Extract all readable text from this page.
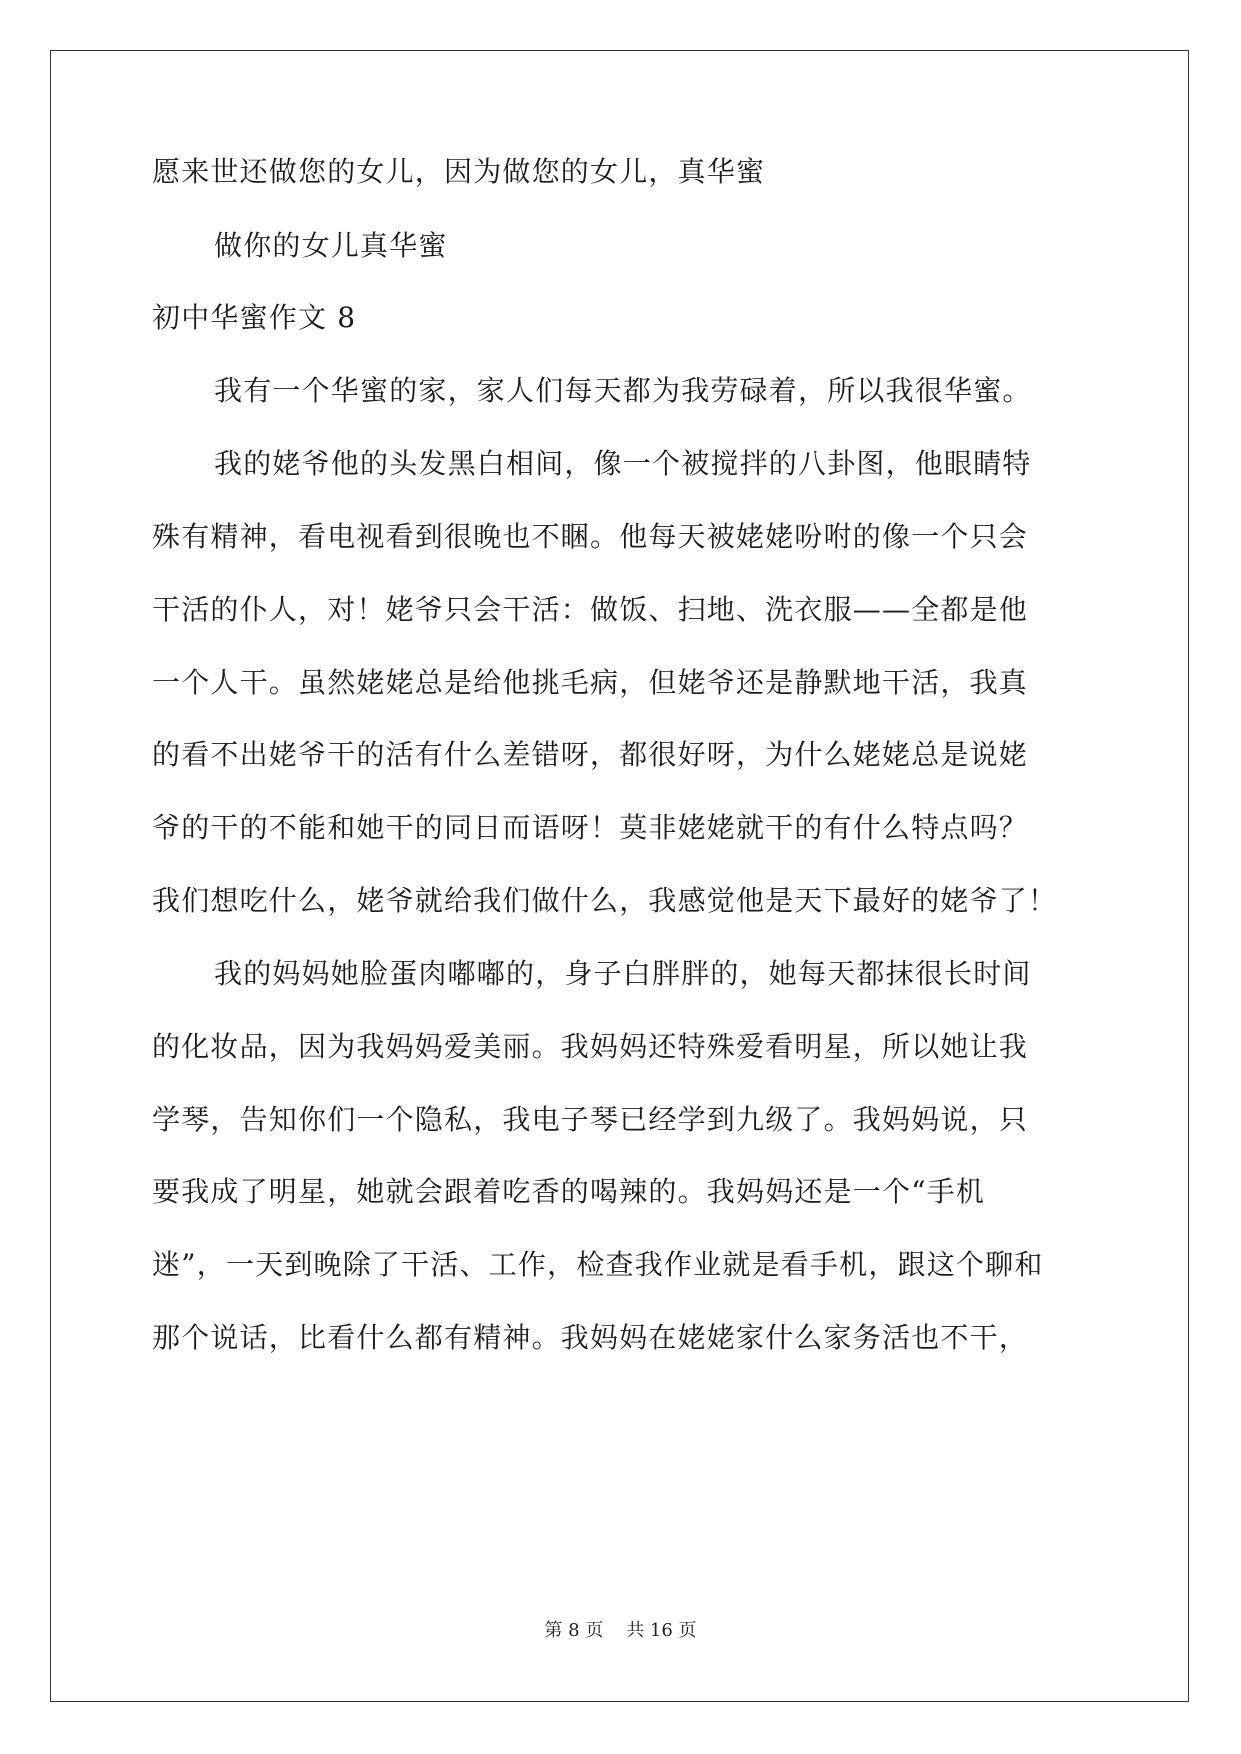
愿来世还做您的女儿，因为做您的女儿，真华蜜
做你的女儿真华蜜
初中华蜜作文 8
我有一个华蜜的家，家人们每天都为我劳碌着，所以我很华蜜。
我的姥爷他的头发黑白相间，像一个被搅拌的八卦图，他眼睛特
殊有精神，看电视看到很晚也不睏。他每天被姥姥吩咐的像一个只会
干活的仆人，对！姥爷只会干活：做饭、扫地、洗衣服——全都是他
一个人干。虽然姥姥总是给他挑毛病，但姥爷还是静默地干活，我真
的看不出姥爷干的活有什么差错呀，都很好呀，为什么姥姥总是说姥
爷的干的不能和她干的同日而语呀！莫非姥姥就干的有什么特点吗？
我们想吃什么，姥爷就给我们做什么，我感觉他是天下最好的姥爷了！
我的妈妈她脸蛋肉嘟嘟的，身子白胖胖的，她每天都抹很长时间
的化妆品，因为我妈妈爱美丽。我妈妈还特殊爱看明星，所以她让我
学琴，告知你们一个隐私，我电子琴已经学到九级了。我妈妈说，只
要我成了明星，她就会跟着吃香的喝辣的。我妈妈还是一个“手机
迷”，一天到晚除了干活、工作，检查我作业就是看手机，跟这个聊和
那个说话，比看什么都有精神。我妈妈在姥姥家什么家务活也不干，
第 8 页    共 16 页
